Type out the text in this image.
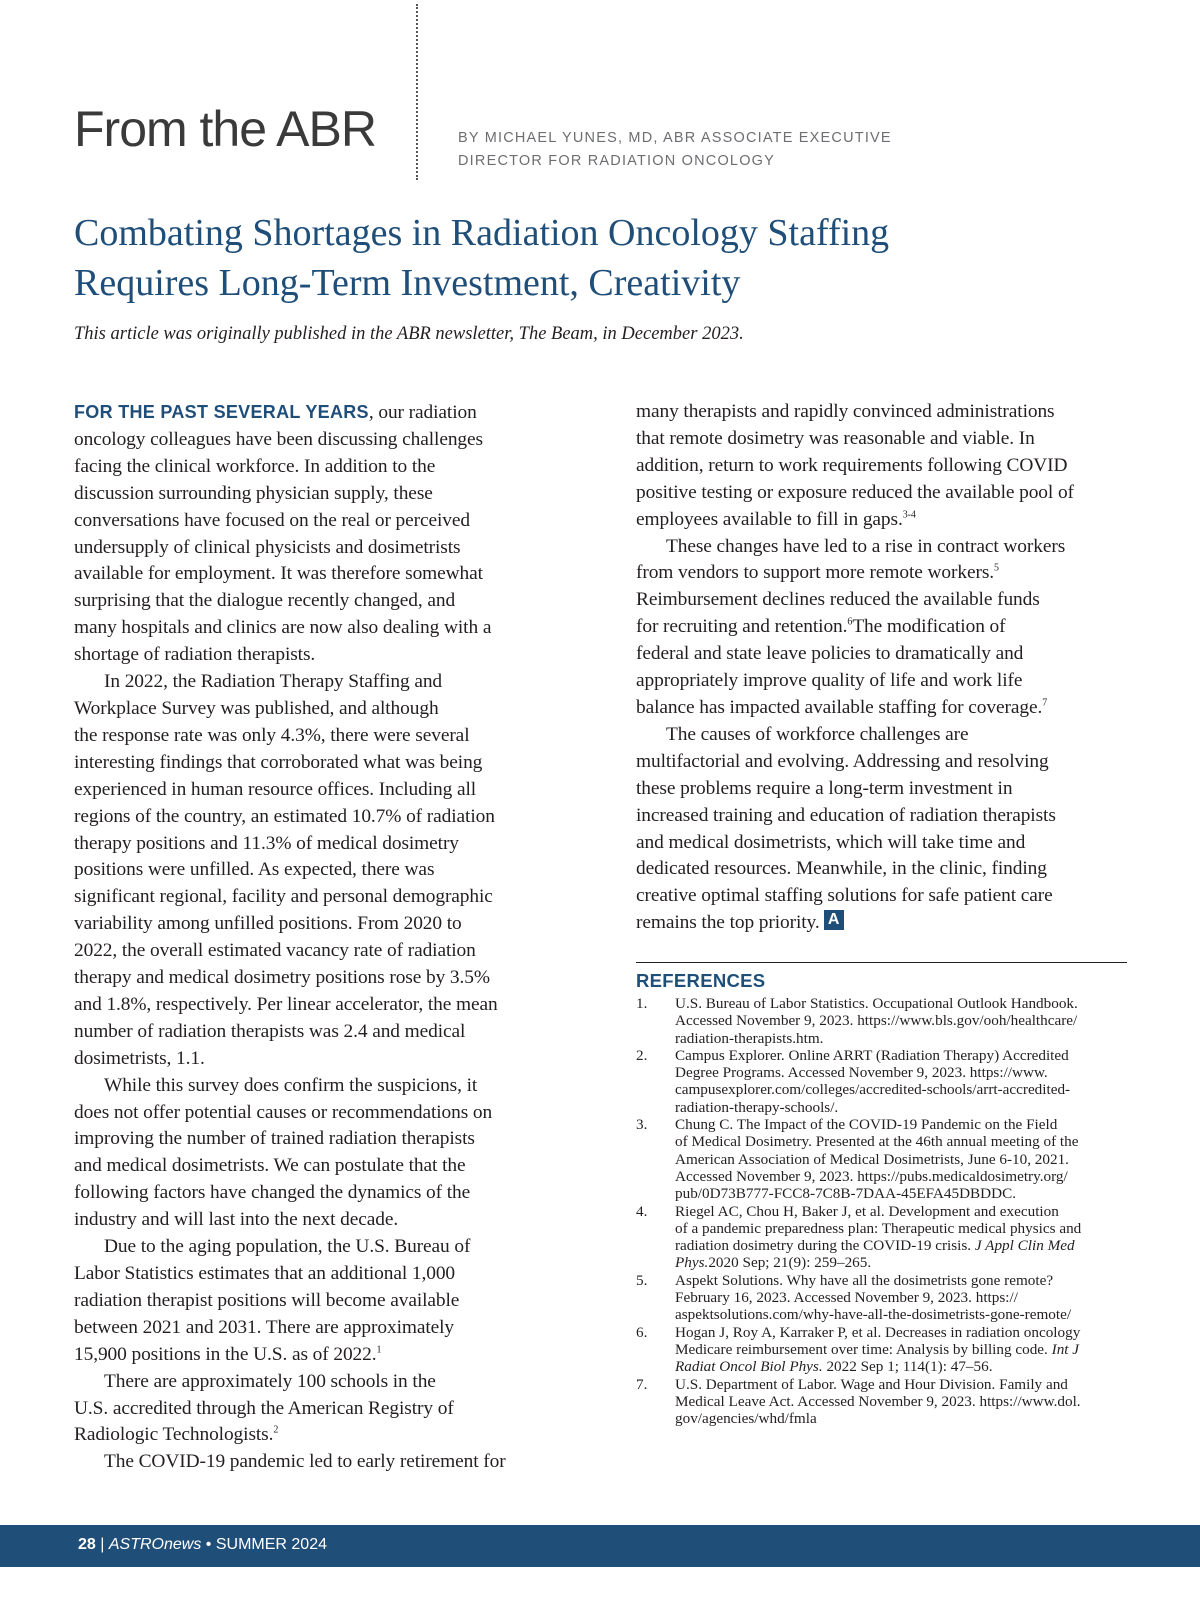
From the ABR	BY MICHAEL YUNES, MD, ABR ASSOCIATE EXECUTIVE
DIRECTOR FOR RADIATION ONCOLOGY
Combating Shortages in Radiation Oncology Staffing
Requires Long-Term Investment, Creativity
This article was originally published in the ABR newsletter, The Beam, in December 2023.

FOR THE PAST SEVERAL YEARS, our radiation

oncology colleagues have been discussing challenges

facing the clinical workforce. In addition to the

discussion surrounding physician supply, these

conversations have focused on the real or perceived

undersupply of clinical physicists and dosimetrists

available for employment. It was therefore somewhat

surprising that the dialogue recently changed, and

many hospitals and clinics are now also dealing with a

shortage of radiation therapists.

In 2022, the Radiation Therapy Staffing and

Workplace Survey was published, and although

the response rate was only 4.3%, there were several

interesting findings that corroborated what was being

experienced in human resource offices. Including all

regions of the country, an estimated 10.7% of radiation

therapy positions and 11.3% of medical dosimetry

positions were unfilled. As expected, there was

significant regional, facility and personal demographic

variability among unfilled positions. From 2020 to

2022, the overall estimated vacancy rate of radiation

therapy and medical dosimetry positions rose by 3.5%

and 1.8%, respectively. Per linear accelerator, the mean

number of radiation therapists was 2.4 and medical

dosimetrists, 1.1.

While this survey does confirm the suspicions, it

does not offer potential causes or recommendations on

improving the number of trained radiation therapists

and medical dosimetrists. We can postulate that the

following factors have changed the dynamics of the

industry and will last into the next decade.

Due to the aging population, the U.S. Bureau of

Labor Statistics estimates that an additional 1,000

radiation therapist positions will become available

between 2021 and 2031. There are approximately

15,900 positions in the U.S. as of 2022.$^1$

There are approximately 100 schools in the

U.S. accredited through the American Registry of

Radiologic Technologists.$^2$

The COVID-19 pandemic led to early retirement for

many therapists and rapidly convinced administrations

that remote dosimetry was reasonable and viable. In

addition, return to work requirements following COVID

positive testing or exposure reduced the available pool of

employees available to fill in gaps.$^{3-4}$

These changes have led to a rise in contract workers

from vendors to support more remote workers.$^5$

Reimbursement declines reduced the available funds

for recruiting and retention.$^6$The modification of

federal and state leave policies to dramatically and

appropriately improve quality of life and work life

balance has impacted available staffing for coverage.$^7$

The causes of workforce challenges are

multifactorial and evolving. Addressing and resolving

these problems require a long-term investment in

increased training and education of radiation therapists

and medical dosimetrists, which will take time and

dedicated resources. Meanwhile, in the clinic, finding

creative optimal staffing solutions for safe patient care

remains the top priority.A

REFERENCES
1. U.S. Bureau of Labor Statistics. Occupational Outlook Handbook.
Accessed November 9, 2023. https://www.bls.gov/ooh/healthcare/
radiation-therapists.htm.
2. Campus Explorer. Online ARRT (Radiation Therapy) Accredited
Degree Programs. Accessed November 9, 2023. https://www.
campusexplorer.com/colleges/accredited-schools/arrt-accredited-
radiation-therapy-schools/.
3. Chung C. The Impact of the COVID-19 Pandemic on the Field
of Medical Dosimetry. Presented at the 46th annual meeting of the
American Association of Medical Dosimetrists, June 6-10, 2021.
Accessed November 9, 2023. https://pubs.medicaldosimetry.org/
pub/0D73B777-FCC8-7C8B-7DAA-45EFA45DBDDC.
4. Riegel AC, Chou H, Baker J, et al. Development and execution
of a pandemic preparedness plan: Therapeutic medical physics and
radiation dosimetry during the COVID-19 crisis. J Appl Clin Med
Phys.2020 Sep; 21(9): 259–265.
5. Aspekt Solutions. Why have all the dosimetrists gone remote?
February 16, 2023. Accessed November 9, 2023. https://
aspektsolutions.com/why-have-all-the-dosimetrists-gone-remote/
6. Hogan J, Roy A, Karraker P, et al. Decreases in radiation oncology
Medicare reimbursement over time: Analysis by billing code. Int J
Radiat Oncol Biol Phys. 2022 Sep 1; 114(1): 47–56.
7. U.S. Department of Labor. Wage and Hour Division. Family and
Medical Leave Act. Accessed November 9, 2023. https://www.dol.
gov/agencies/whd/fmla
28 | ASTROnews • SUMMER 2024
